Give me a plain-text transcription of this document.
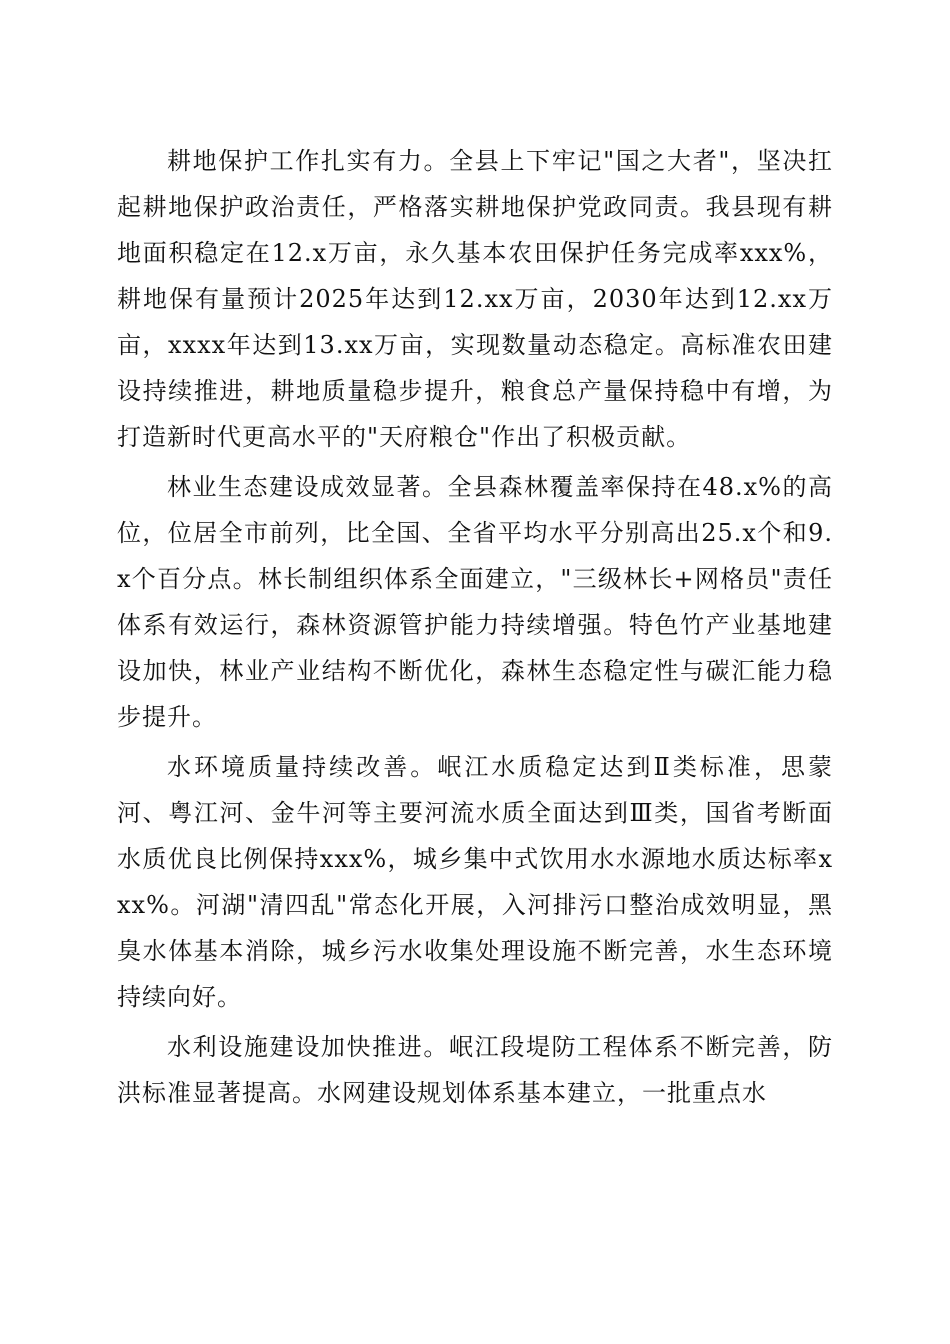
耕地保护工作扎实有力。全县上下牢记"国之大者"，坚决扛起耕地保护政治责任，严格落实耕地保护党政同责。我县现有耕地面积稳定在12.x万亩，永久基本农田保护任务完成率xxx%，耕地保有量预计2025年达到12.xx万亩，2030年达到12.xx万亩，xxxx年达到13.xx万亩，实现数量动态稳定。高标准农田建设持续推进，耕地质量稳步提升，粮食总产量保持稳中有增，为打造新时代更高水平的"天府粮仓"作出了积极贡献。

林业生态建设成效显著。全县森林覆盖率保持在48.x%的高位，位居全市前列，比全国、全省平均水平分别高出25.x个和9.x个百分点。林长制组织体系全面建立，"三级林长+网格员"责任体系有效运行，森林资源管护能力持续增强。特色竹产业基地建设加快，林业产业结构不断优化，森林生态稳定性与碳汇能力稳步提升。

水环境质量持续改善。岷江水质稳定达到Ⅱ类标准，思蒙河、粤江河、金牛河等主要河流水质全面达到Ⅲ类，国省考断面水质优良比例保持xxx%，城乡集中式饮用水水源地水质达标率xxx%。河湖"清四乱"常态化开展，入河排污口整治成效明显，黑臭水体基本消除，城乡污水收集处理设施不断完善，水生态环境持续向好。

水利设施建设加快推进。岷江段堤防工程体系不断完善，防洪标准显著提高。水网建设规划体系基本建立，一批重点水
